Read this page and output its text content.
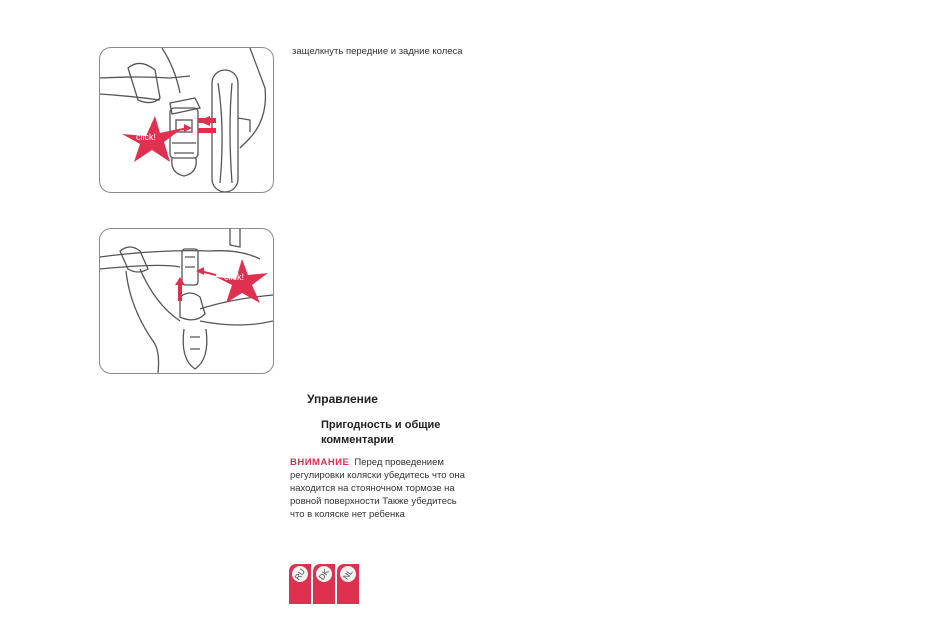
click!
click!
защелкнуть передние и задние колеса
Управление
Пригодность и общие комментарии
ВНИМАНИЕ Перед проведением регулировки коляски убедитесь что она находится на стояночном тормозе на ровной поверхности Также убедитесь что в коляске нет ребенка
RU	DK	NL
